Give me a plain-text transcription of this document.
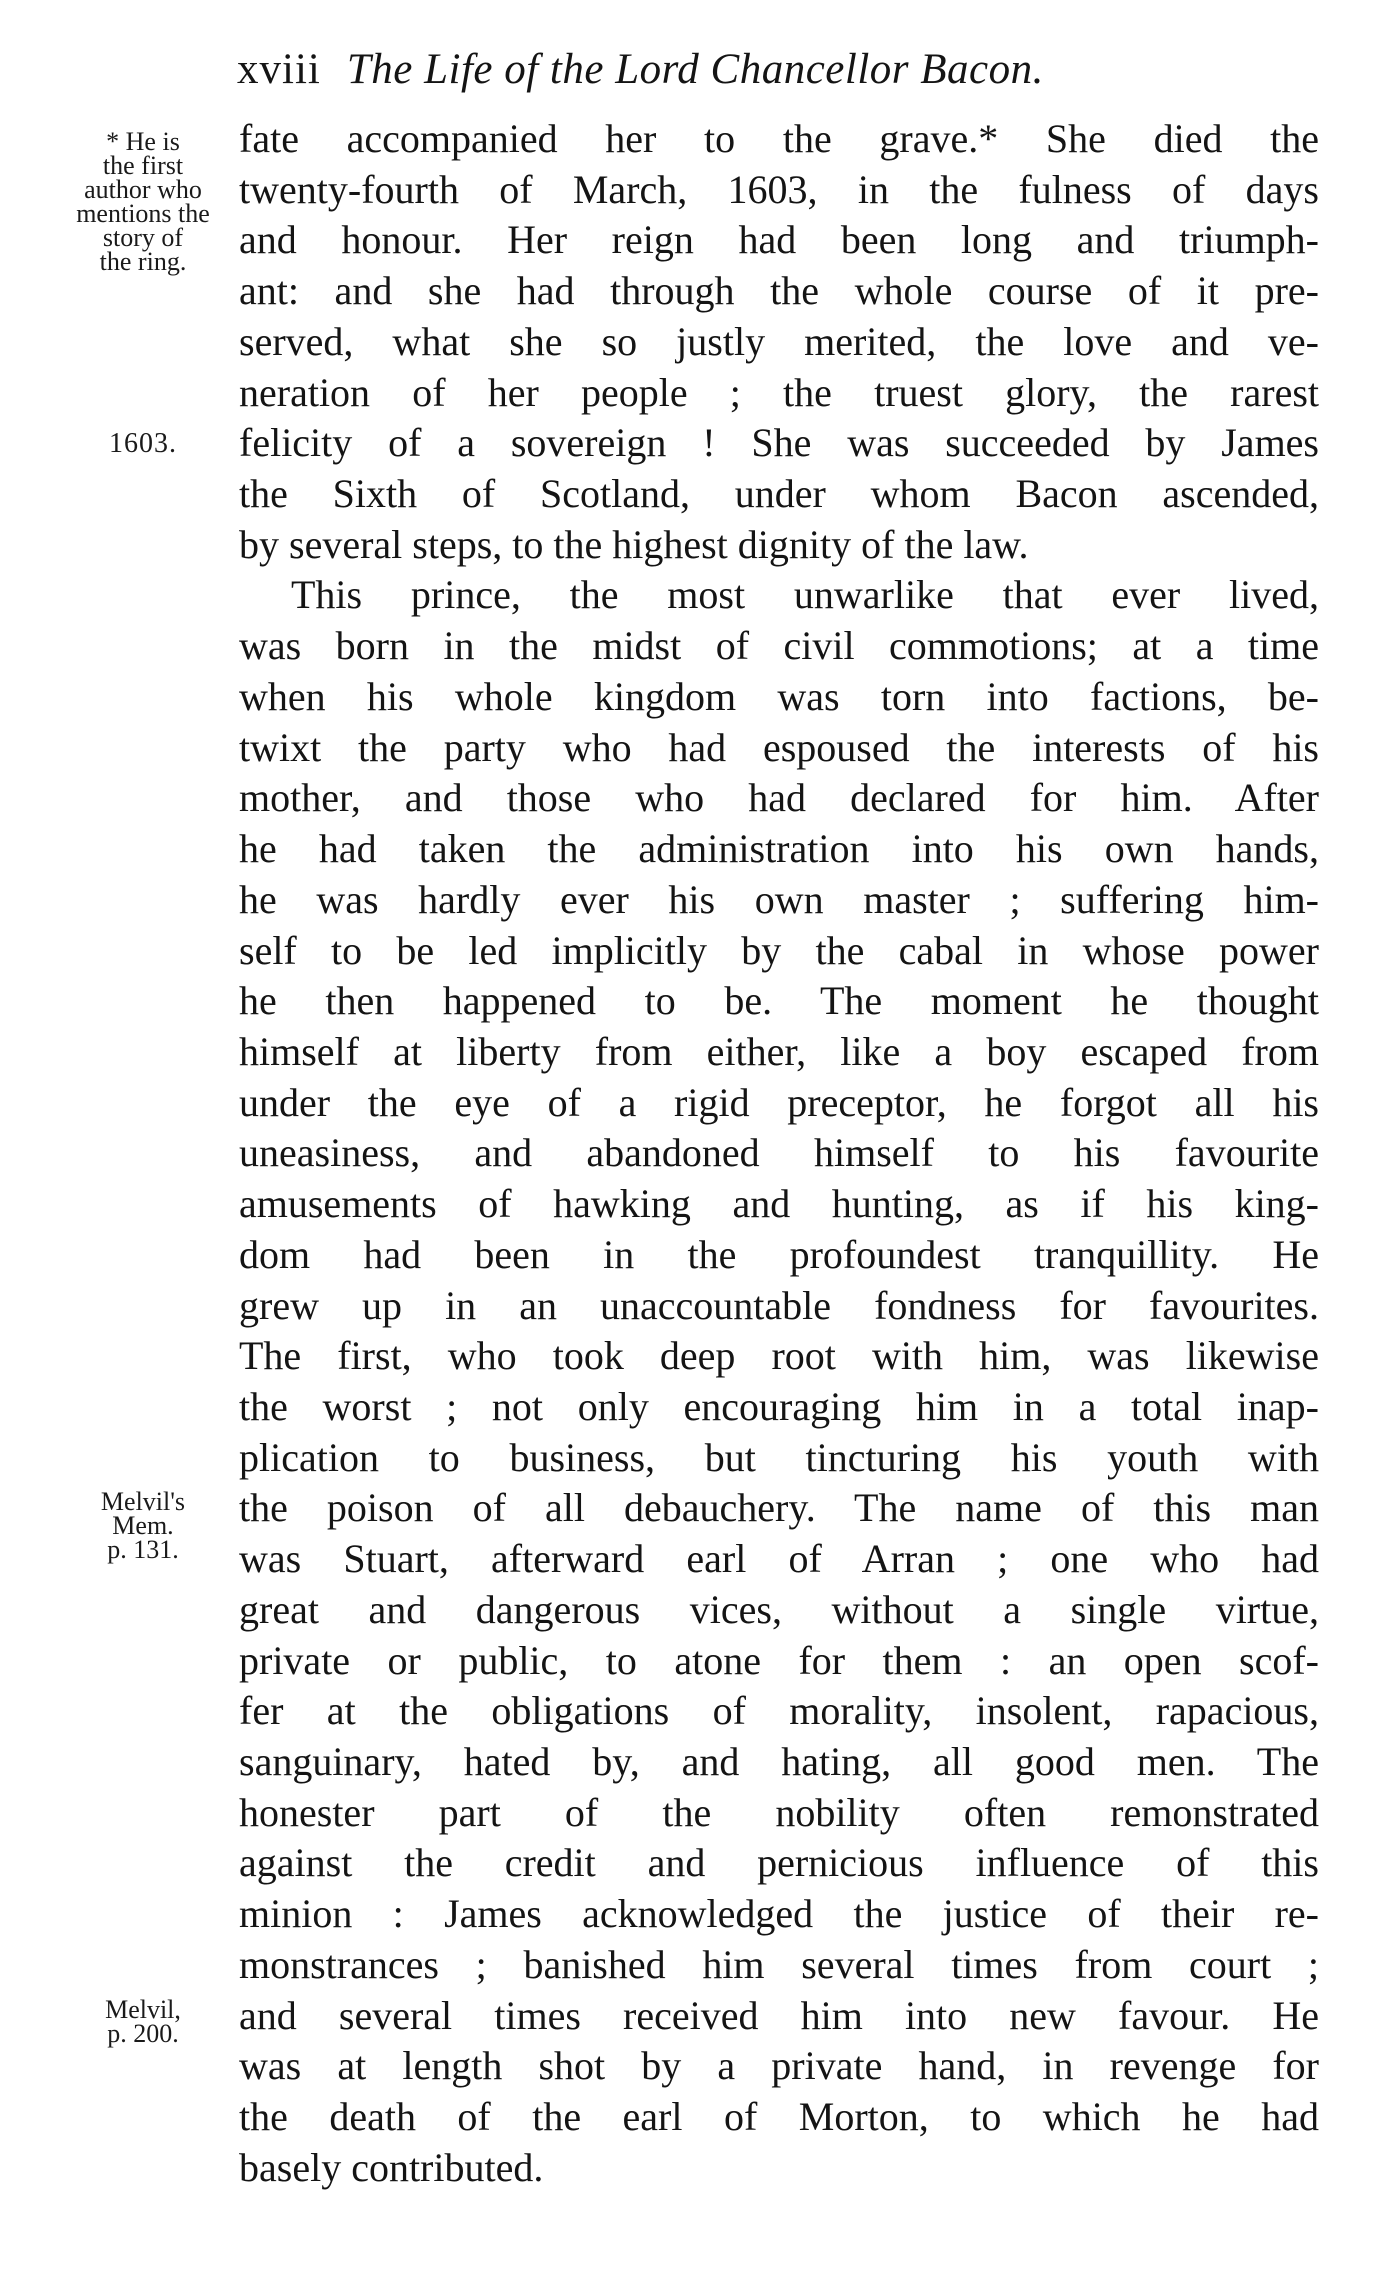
xviii The Life of the Lord Chancellor Bacon.
* He is
the first
author who
mentions the
story of
the ring.
1603.
Melvil's
Mem.
p. 131.
Melvil,
p. 200.
fate accompanied her to the grave.* She died the
twenty-fourth of March, 1603, in the fulness of days
and honour. Her reign had been long and triumph-
ant: and she had through the whole course of it pre-
served, what she so justly merited, the love and ve-
neration of her people ; the truest glory, the rarest
felicity of a sovereign ! She was succeeded by James
the Sixth of Scotland, under whom Bacon ascended,
by several steps, to the highest dignity of the law.
This prince, the most unwarlike that ever lived,
was born in the midst of civil commotions; at a time
when his whole kingdom was torn into factions, be-
twixt the party who had espoused the interests of his
mother, and those who had declared for him. After
he had taken the administration into his own hands,
he was hardly ever his own master ; suffering him-
self to be led implicitly by the cabal in whose power
he then happened to be. The moment he thought
himself at liberty from either, like a boy escaped from
under the eye of a rigid preceptor, he forgot all his
uneasiness, and abandoned himself to his favourite
amusements of hawking and hunting, as if his king-
dom had been in the profoundest tranquillity. He
grew up in an unaccountable fondness for favourites.
The first, who took deep root with him, was likewise
the worst ; not only encouraging him in a total inap-
plication to business, but tincturing his youth with
the poison of all debauchery. The name of this man
was Stuart, afterward earl of Arran ; one who had
great and dangerous vices, without a single virtue,
private or public, to atone for them : an open scof-
fer at the obligations of morality, insolent, rapacious,
sanguinary, hated by, and hating, all good men. The
honester part of the nobility often remonstrated
against the credit and pernicious influence of this
minion : James acknowledged the justice of their re-
monstrances ; banished him several times from court ;
and several times received him into new favour. He
was at length shot by a private hand, in revenge for
the death of the earl of Morton, to which he had
basely contributed.
